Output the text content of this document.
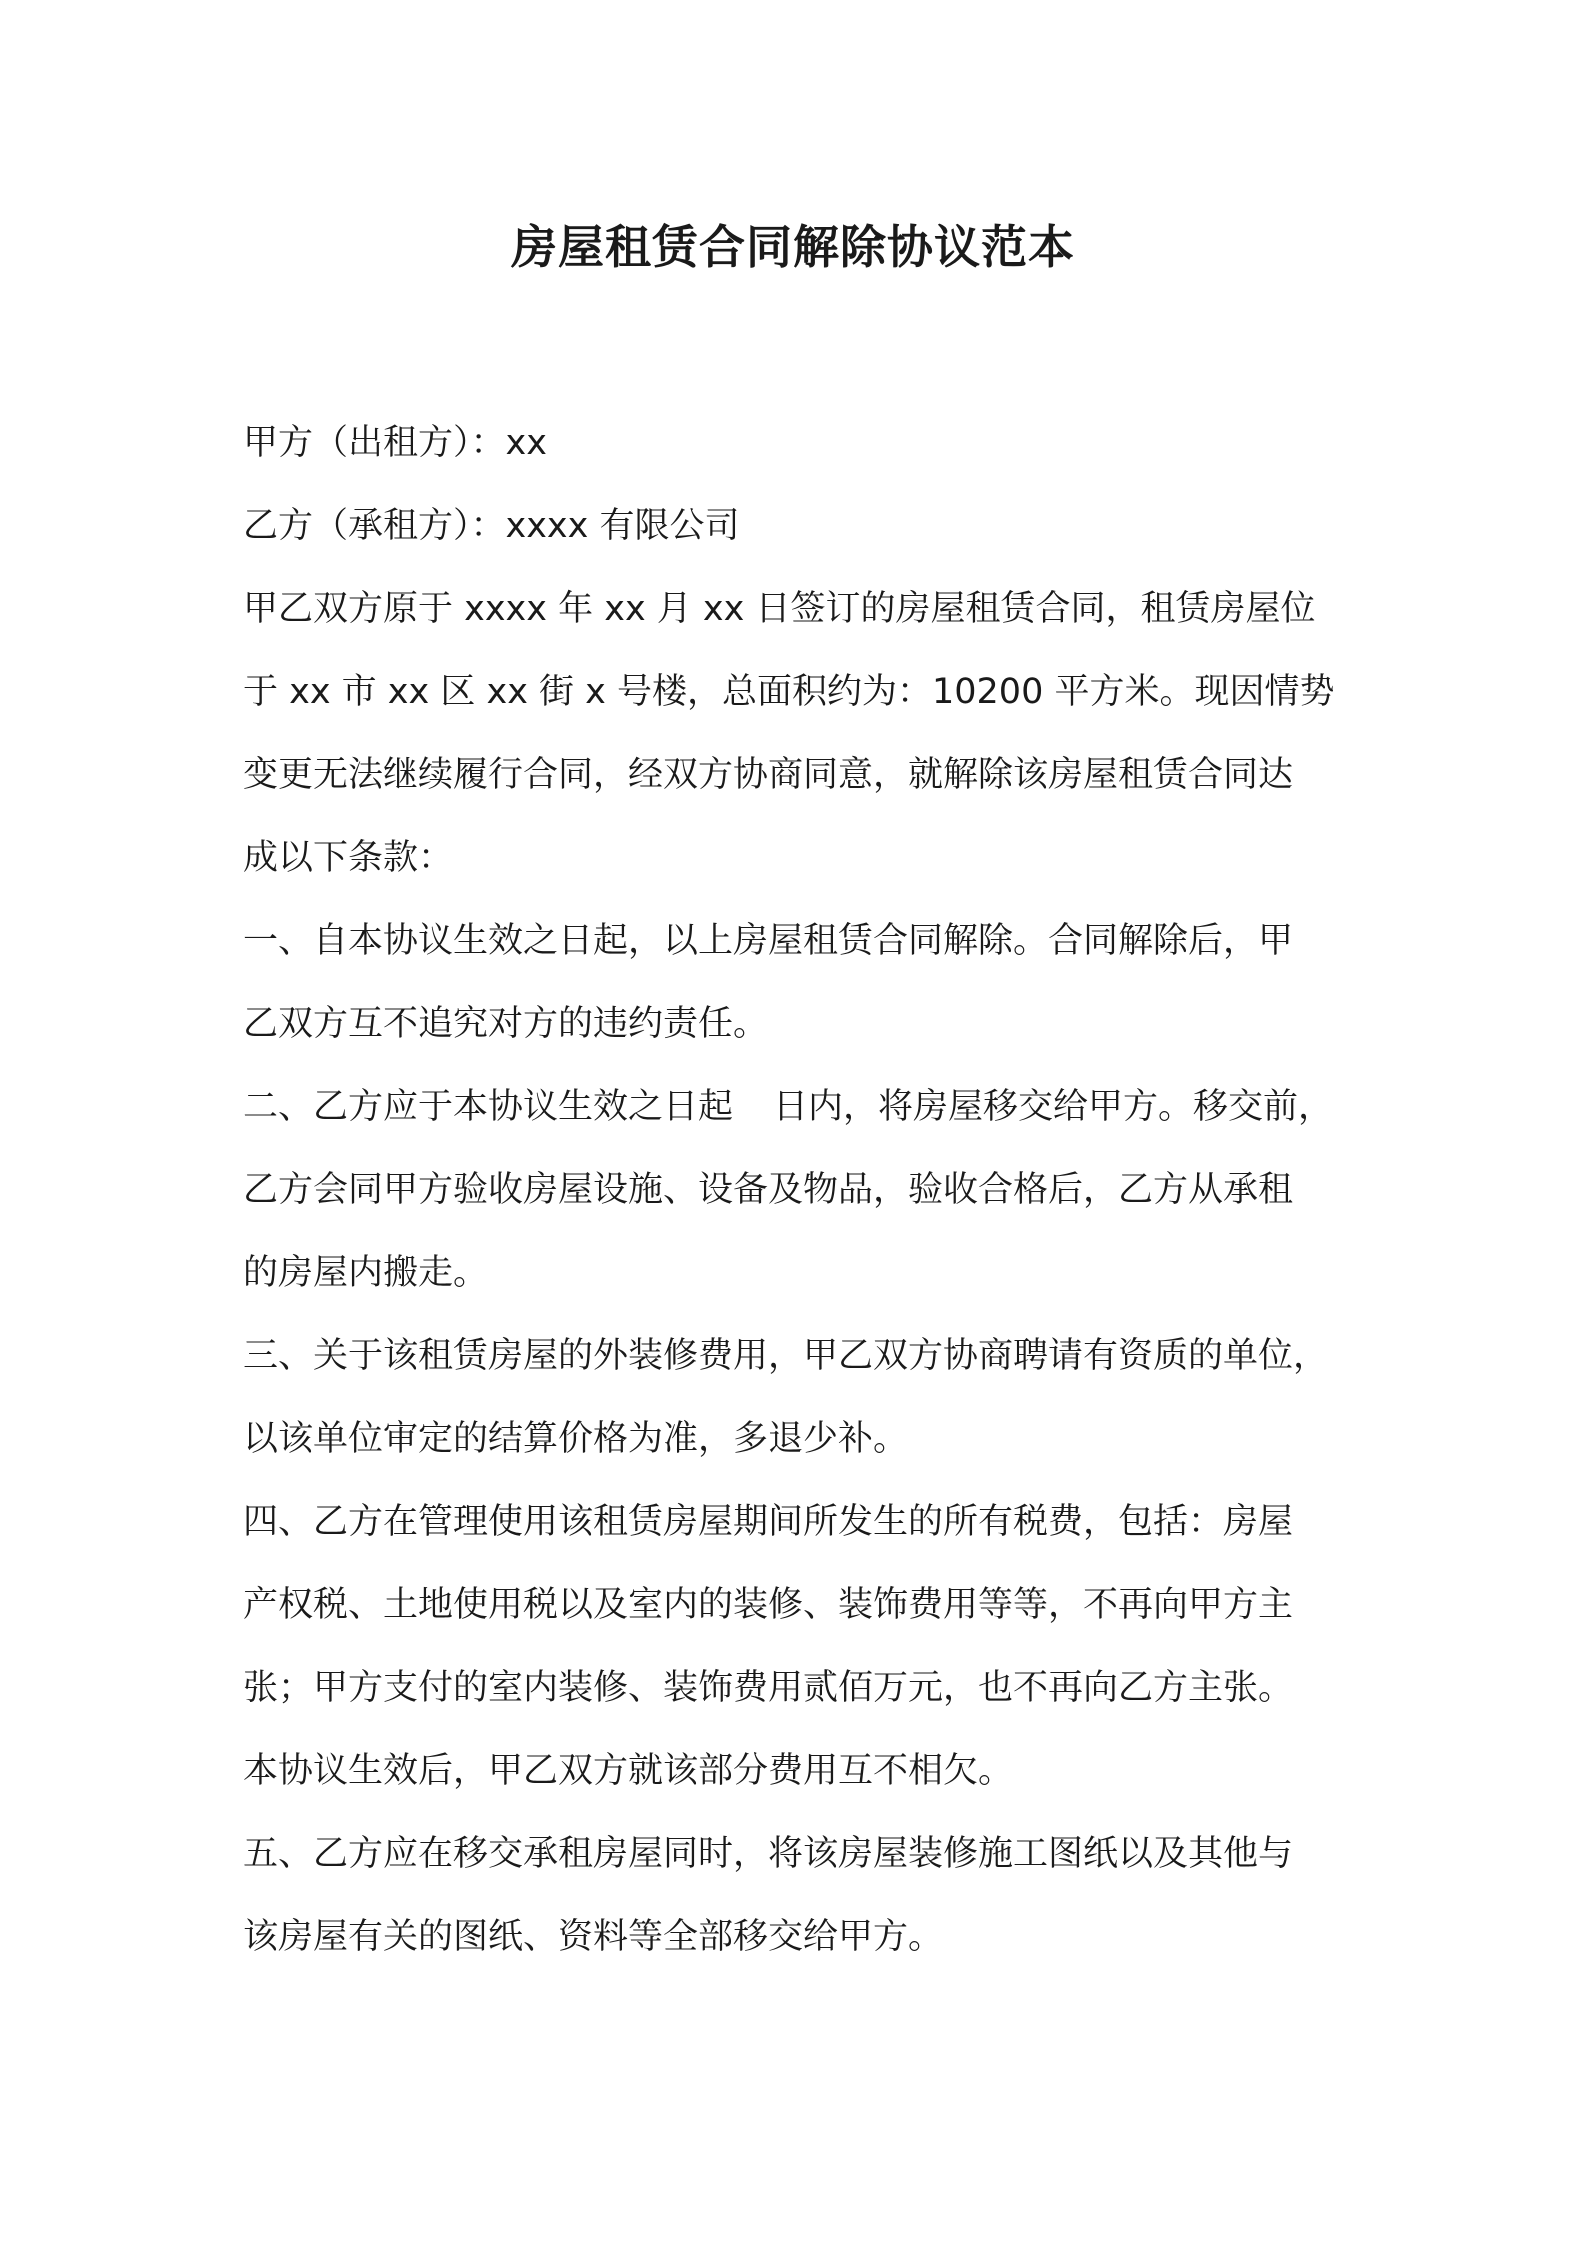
房屋租赁合同解除协议范本
甲方（出租方）：xx
乙方（承租方）：xxxx 有限公司
甲乙双方原于 xxxx 年 xx 月 xx 日签订的房屋租赁合同，租赁房屋位
于 xx 市 xx 区 xx 街 x 号楼，总面积约为：10200 平方米。现因情势
变更无法继续履行合同，经双方协商同意，就解除该房屋租赁合同达
成以下条款：
一、自本协议生效之日起，以上房屋租赁合同解除。合同解除后，甲
乙双方互不追究对方的违约责任。
二、乙方应于本协议生效之日起 日内，将房屋移交给甲方。移交前，
乙方会同甲方验收房屋设施、设备及物品，验收合格后，乙方从承租
的房屋内搬走。
三、关于该租赁房屋的外装修费用，甲乙双方协商聘请有资质的单位，
以该单位审定的结算价格为准，多退少补。
四、乙方在管理使用该租赁房屋期间所发生的所有税费，包括：房屋
产权税、土地使用税以及室内的装修、装饰费用等等，不再向甲方主
张；甲方支付的室内装修、装饰费用贰佰万元，也不再向乙方主张。
本协议生效后，甲乙双方就该部分费用互不相欠。
五、乙方应在移交承租房屋同时，将该房屋装修施工图纸以及其他与
该房屋有关的图纸、资料等全部移交给甲方。
